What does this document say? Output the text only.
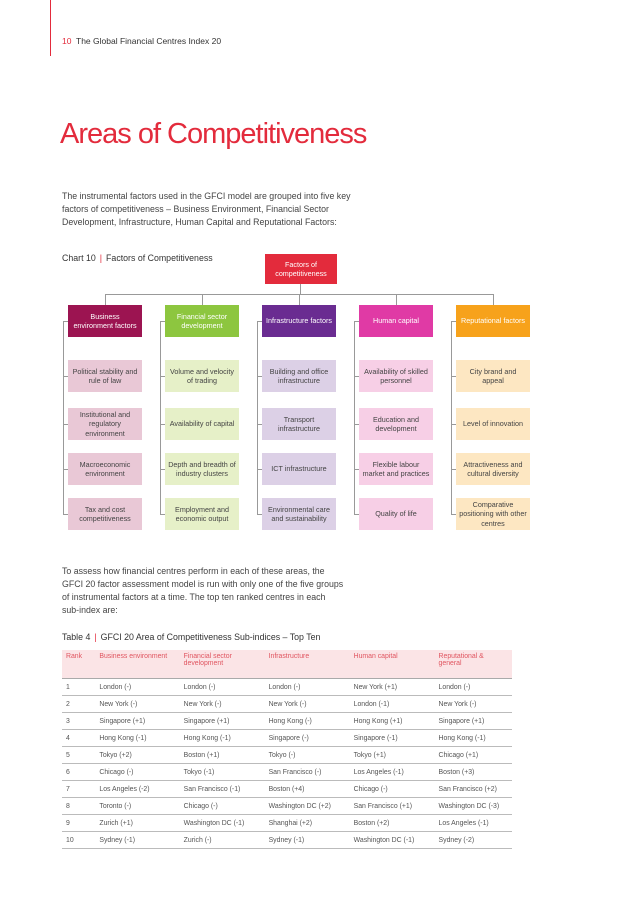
10 The Global Financial Centres Index 20
Areas of Competitiveness

The instrumental factors used in the GFCI model are grouped into five key

factors of competitiveness – Business Environment, Financial Sector

Development, Infrastructure, Human Capital and Reputational Factors:

Chart 10 | Factors of Competitiveness
Factors of competitiveness
Business environment factors
Political stability and rule of law
Institutional and regulatory environment
Macroeconomic environment
Tax and cost competitiveness
Financial sector development
Volume and velocity of trading
Availability of capital
Depth and breadth of industry clusters
Employment and economic output
Infrastructure factors
Building and office infrastructure
Transport infrastructure
ICT infrastructure
Environmental care and sustainability
Human capital
Availability of skilled personnel
Education and development
Flexible labour market and practices
Quality of life
Reputational factors
City brand and appeal
Level of innovation
Attractiveness and cultural diversity
Comparative positioning with other centres

To assess how financial centres perform in each of these areas, the

GFCI 20 factor assessment model is run with only one of the five groups

of instrumental factors at a time. The top ten ranked centres in each

sub-index are:

Table 4 | GFCI 20 Area of Competitiveness Sub-indices – Top Ten
Rank	Business environment	Financial sector development	Infrastructure	Human capital	Reputational & general
1	London (-)	London (-)	London (-)	New York (+1)	London (-)
2	New York (-)	New York (-)	New York (-)	London (-1)	New York (-)
3	Singapore (+1)	Singapore (+1)	Hong Kong (-)	Hong Kong (+1)	Singapore (+1)
4	Hong Kong (-1)	Hong Kong (-1)	Singapore (-)	Singapore (-1)	Hong Kong (-1)
5	Tokyo (+2)	Boston (+1)	Tokyo (-)	Tokyo (+1)	Chicago (+1)
6	Chicago (-)	Tokyo (-1)	San Francisco (-)	Los Angeles (-1)	Boston (+3)
7	Los Angeles (-2)	San Francisco (-1)	Boston (+4)	Chicago (-)	San Francisco (+2)
8	Toronto (-)	Chicago (-)	Washington DC (+2)	San Francisco (+1)	Washington DC (-3)
9	Zurich (+1)	Washington DC (-1)	Shanghai (+2)	Boston (+2)	Los Angeles (-1)
10	Sydney (-1)	Zurich (-)	Sydney (-1)	Washington DC (-1)	Sydney (-2)
